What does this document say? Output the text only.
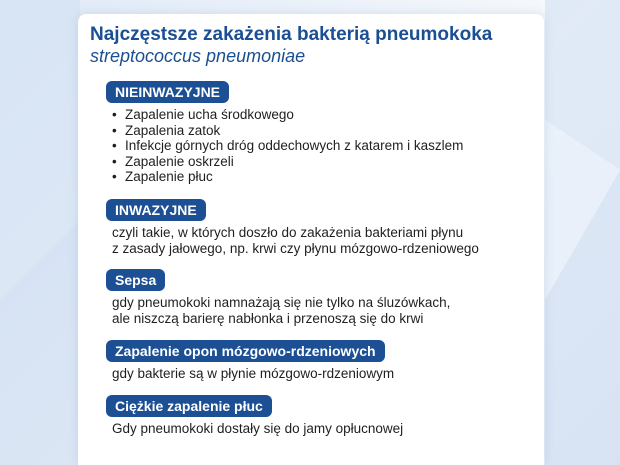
Najczęstsze zakażenia bakterią pneumokoka
streptococcus pneumoniae
NIEINWAZYJNE
• Zapalenie ucha środkowego
• Zapalenia zatok
• Infekcje górnych dróg oddechowych z katarem i kaszlem
• Zapalenie oskrzeli
• Zapalenie płuc
INWAZYJNE
czyli takie, w których doszło do zakażenia bakteriami płynu
z zasady jałowego, np. krwi czy płynu mózgowo-rdzeniowego
Sepsa
gdy pneumokoki namnażają się nie tylko na śluzówkach,
ale niszczą barierę nabłonka i przenoszą się do krwi
Zapalenie opon mózgowo-rdzeniowych
gdy bakterie są w płynie mózgowo-rdzeniowym
Ciężkie zapalenie płuc
Gdy pneumokoki dostały się do jamy opłucnowej
